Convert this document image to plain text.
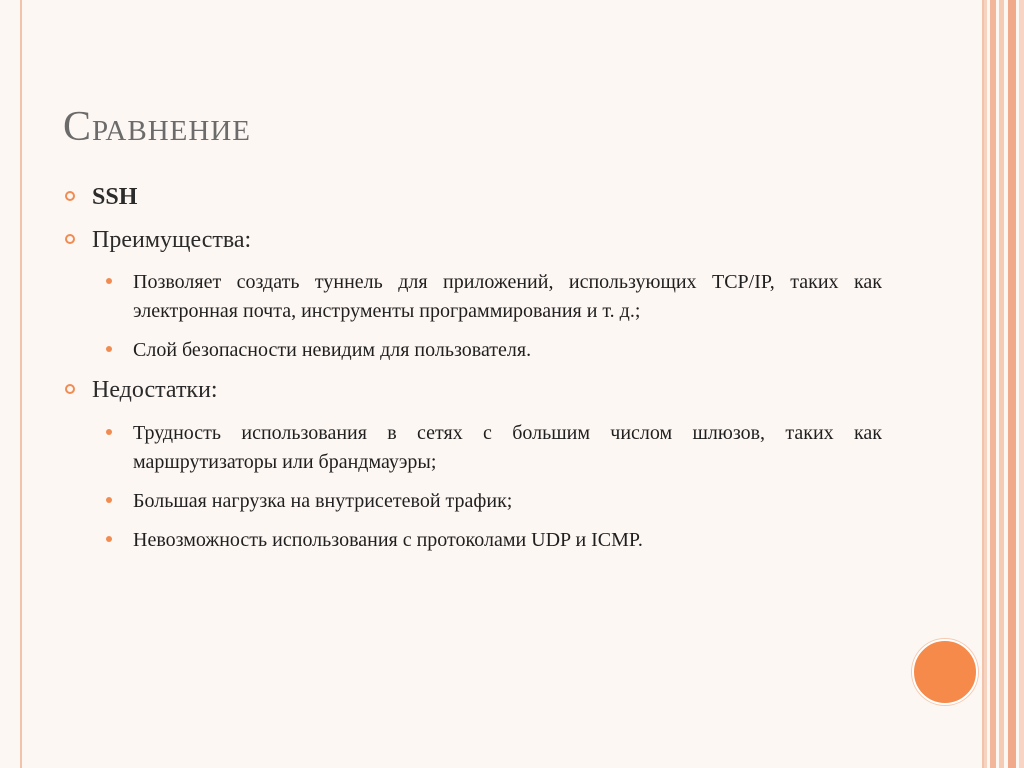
Сравнение
SSH
Преимущества:
Позволяет создать туннель для приложений, использующих TCP/IP, таких как электронная почта, инструменты программирования и т. д.;
Слой безопасности невидим для пользователя.
Недостатки:
Трудность использования в сетях с большим числом шлюзов, таких как маршрутизаторы или брандмауэры;
Большая нагрузка на внутрисетевой трафик;
Невозможность использования с протоколами UDP и ICMP.
